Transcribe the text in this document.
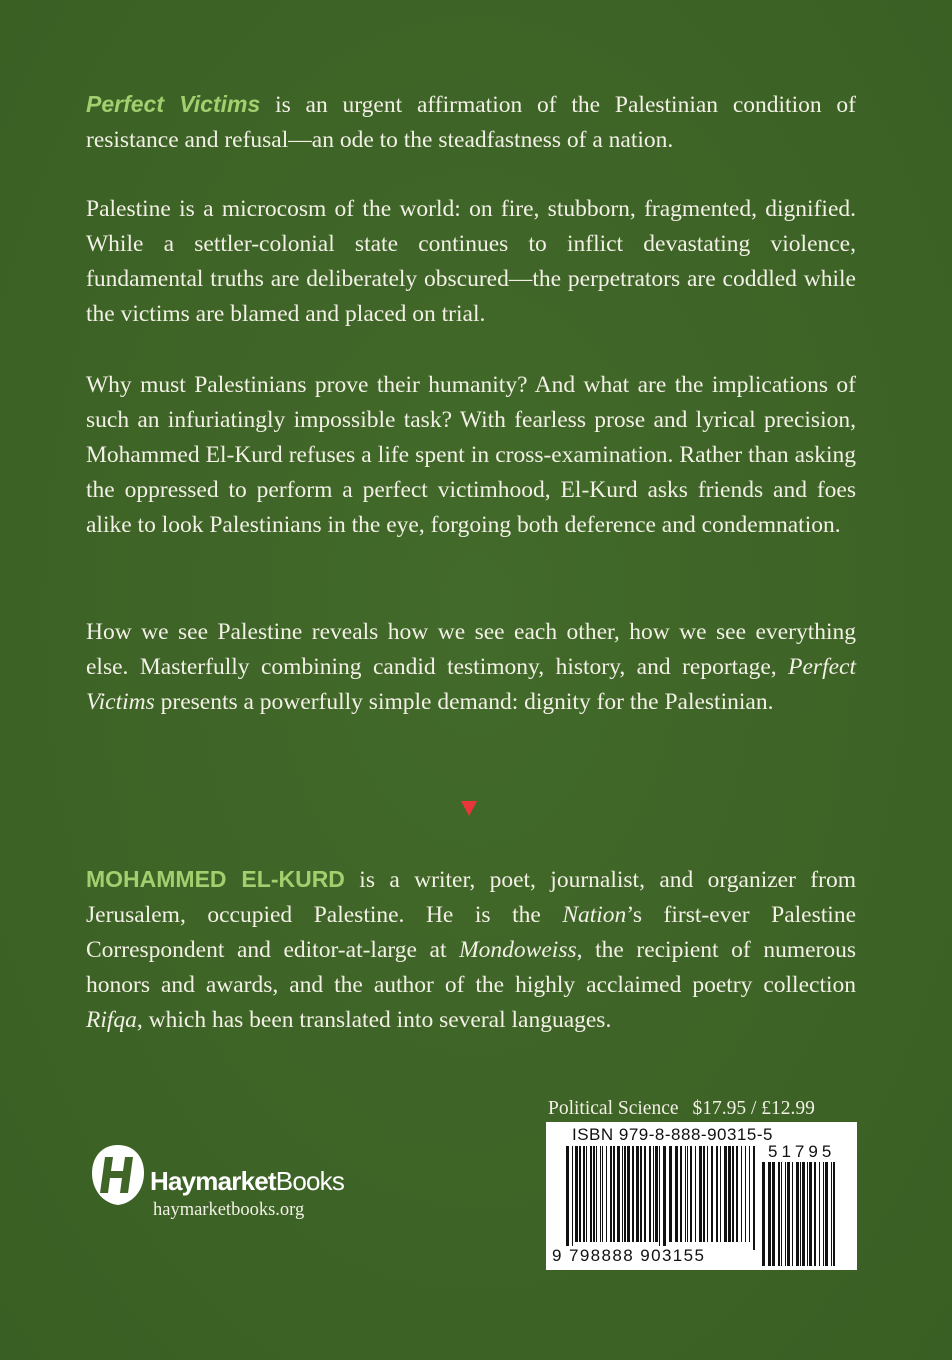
Perfect Victims is an urgent affirmation of the Palestinian condition of resistance and refusal—an ode to the steadfastness of a nation.

Palestine is a microcosm of the world: on fire, stubborn, fragmented, dignified. While a settler-colonial state continues to inflict devastating violence, fundamental truths are deliberately obscured—the perpetrators are coddled while the victims are blamed and placed on trial.

Why must Palestinians prove their humanity? And what are the implications of such an infuriatingly impossible task? With fearless prose and lyrical precision, Mohammed El-Kurd refuses a life spent in cross-examination. Rather than asking the oppressed to perform a perfect victimhood, El-Kurd asks friends and foes alike to look Palestinians in the eye, forgoing both deference and condemnation.

How we see Palestine reveals how we see each other, how we see everything else. Masterfully combining candid testimony, history, and reportage, Perfect Victims presents a powerfully simple demand: dignity for the Palestinian.

MOHAMMED EL-KURD is a writer, poet, journalist, and organizer from Jerusalem, occupied Palestine. He is the Nation’s first-ever Palestine Correspondent and editor-at-large at Mondoweiss, the recipient of numerous honors and awards, and the author of the highly acclaimed poetry collection Rifqa, which has been translated into several languages.

Political Science $17.95 / £12.99
ISBN 979-8-888-90315-5
51795
9 798888 903155
HaymarketBooks
haymarketbooks.org
